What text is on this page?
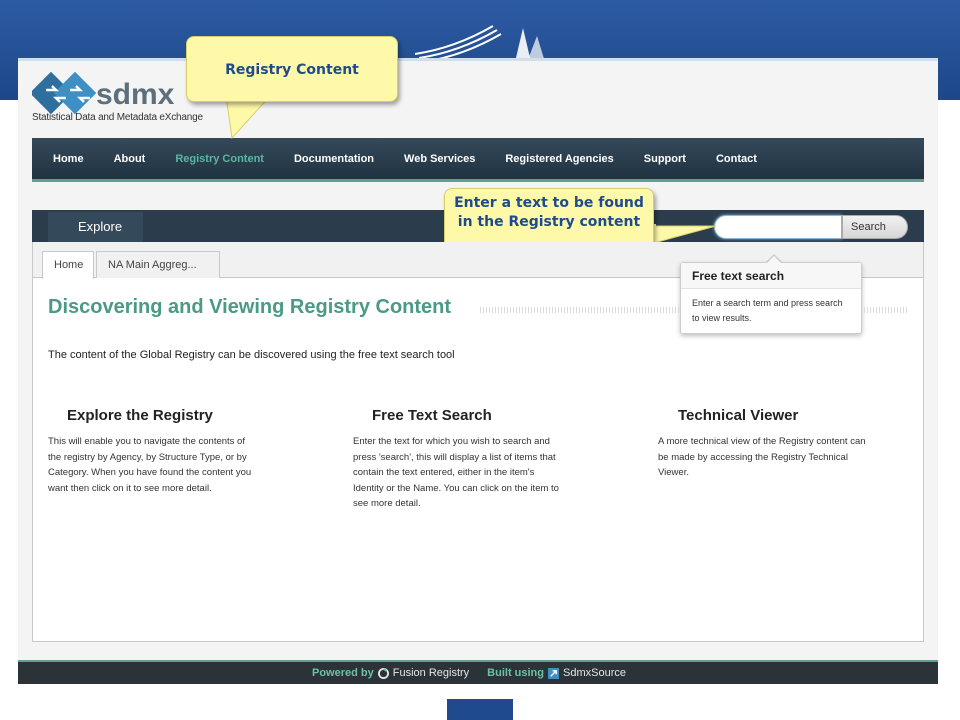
sdmx
Statistical Data and Metadata eXchange
Home	About	Registry Content	Documentation	Web Services	Registered Agencies	Support	Contact
Registry Content
Explore	Search
Enter a text to be found in the Registry content
Home	NA Main Aggreg...
Free text search
Enter a search term and press search to view results.
Discovering and Viewing Registry Content
The content of the Global Registry can be discovered using the free text search tool
Explore the Registry
This will enable you to navigate the contents of the registry by Agency, by Structure Type, or by Category. When you have found the content you want then click on it to see more detail.
Free Text Search
Enter the text for which you wish to search and press 'search', this will display a list of items that contain the text entered, either in the item's Identity or the Name. You can click on the item to see more detail.
Technical Viewer
A more technical view of the Registry content can be made by accessing the Registry Technical Viewer.
Powered by Fusion Registry Built using SdmxSource
